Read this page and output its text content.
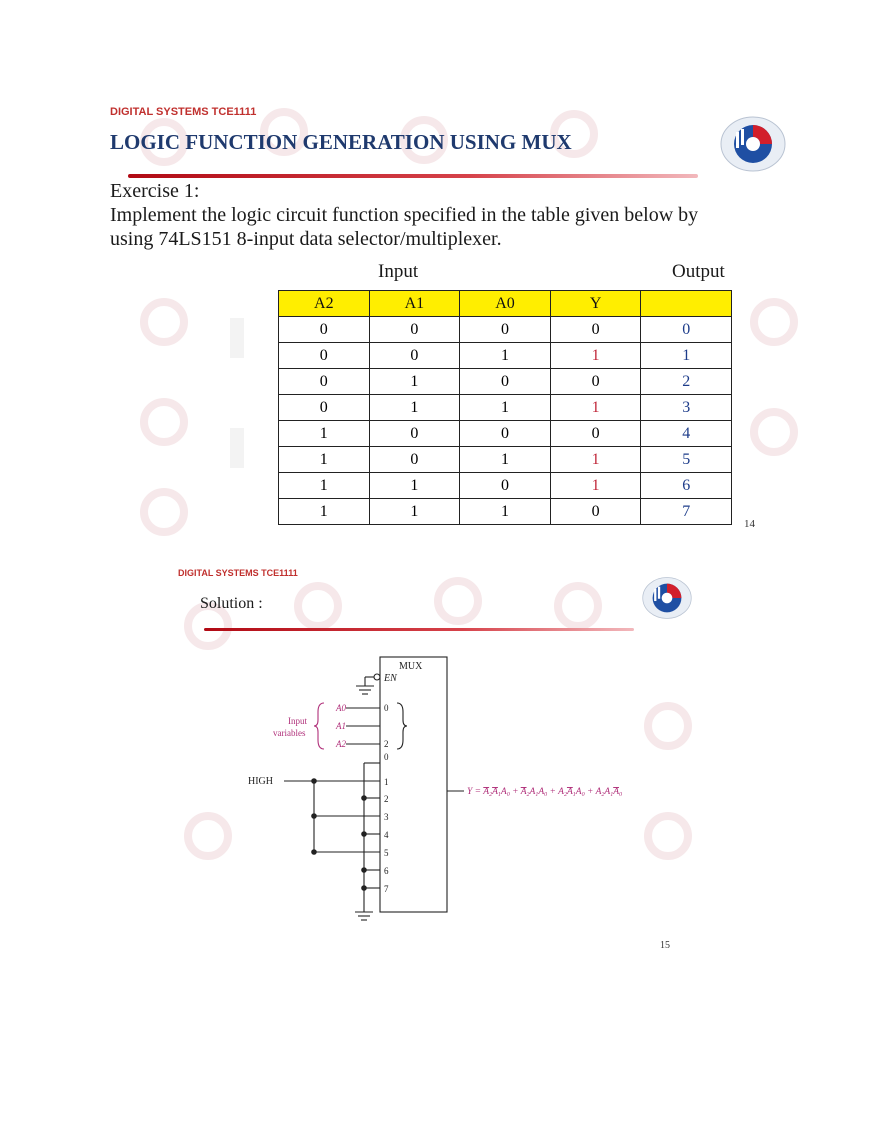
DIGITAL SYSTEMS TCE1111
LOGIC FUNCTION GENERATION USING MUX
Exercise 1:
Implement the logic circuit function specified in the table given below by
using 74LS151 8-input data selector/multiplexer.
Input	Output
A2	A1	A0	Y	
0	0	0	0	0
0	0	1	1	1
0	1	0	0	2
0	1	1	1	3
1	0	0	0	4
1	0	1	1	5
1	1	0	1	6
1	1	1	0	7
14
DIGITAL SYSTEMS TCE1111
Solution :
MUX
EN
A0
A1
A2
Input
variables
0
2
0
1
2
3
4
5
6
7
HIGH
$Y = A_2A_1A_0 + A_2A_1A_0 + A_2A_1A_0 + A_2A_1A_0$
15
